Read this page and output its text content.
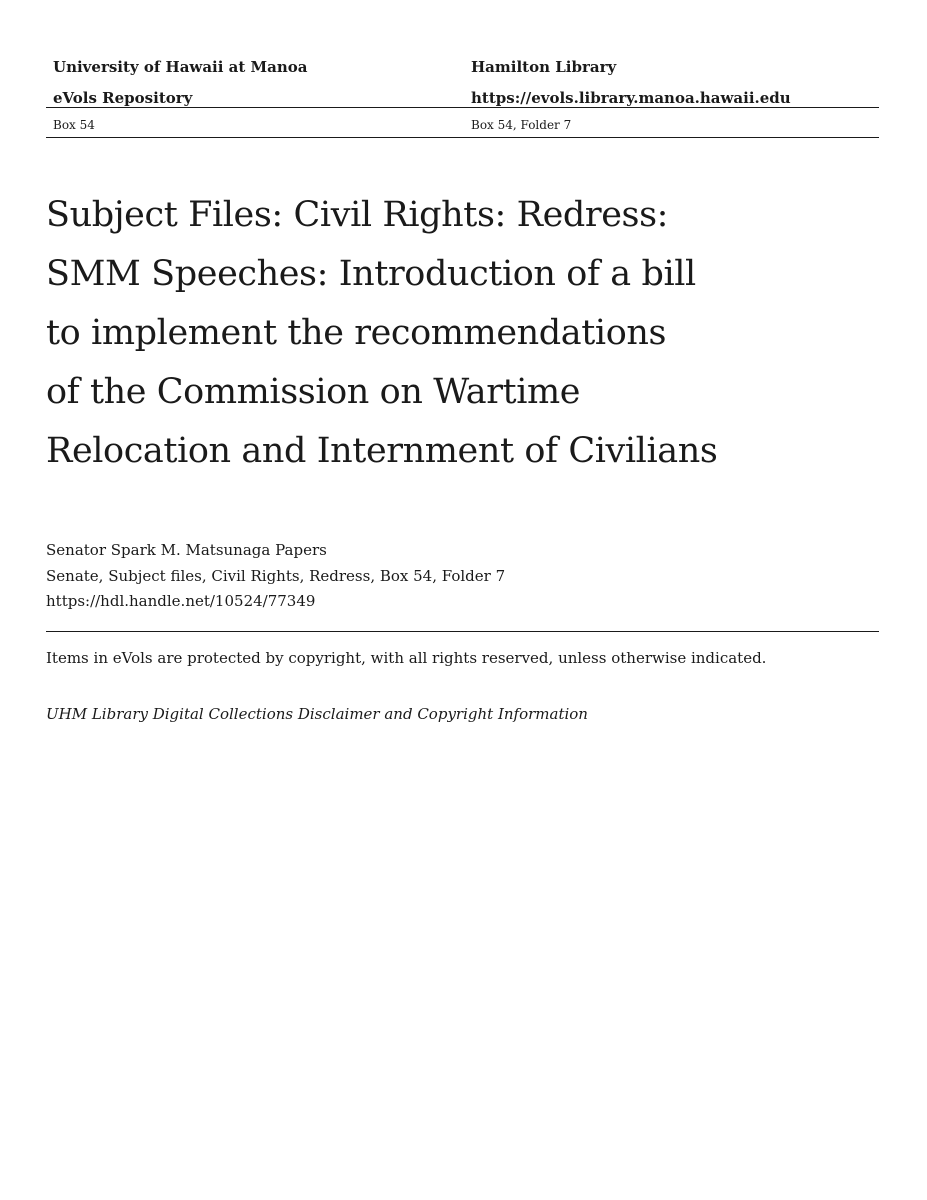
University of Hawaii at Manoa
eVols Repository
Hamilton Library
https://evols.library.manoa.hawaii.edu
Box 54	Box 54, Folder 7
Subject Files: Civil Rights: Redress:
SMM Speeches: Introduction of a bill
to implement the recommendations
of the Commission on Wartime
Relocation and Internment of Civilians
Senator Spark M. Matsunaga Papers
Senate, Subject files, Civil Rights, Redress, Box 54, Folder 7
https://hdl.handle.net/10524/77349
Items in eVols are protected by copyright, with all rights reserved, unless otherwise indicated.
UHM Library Digital Collections Disclaimer and Copyright Information
